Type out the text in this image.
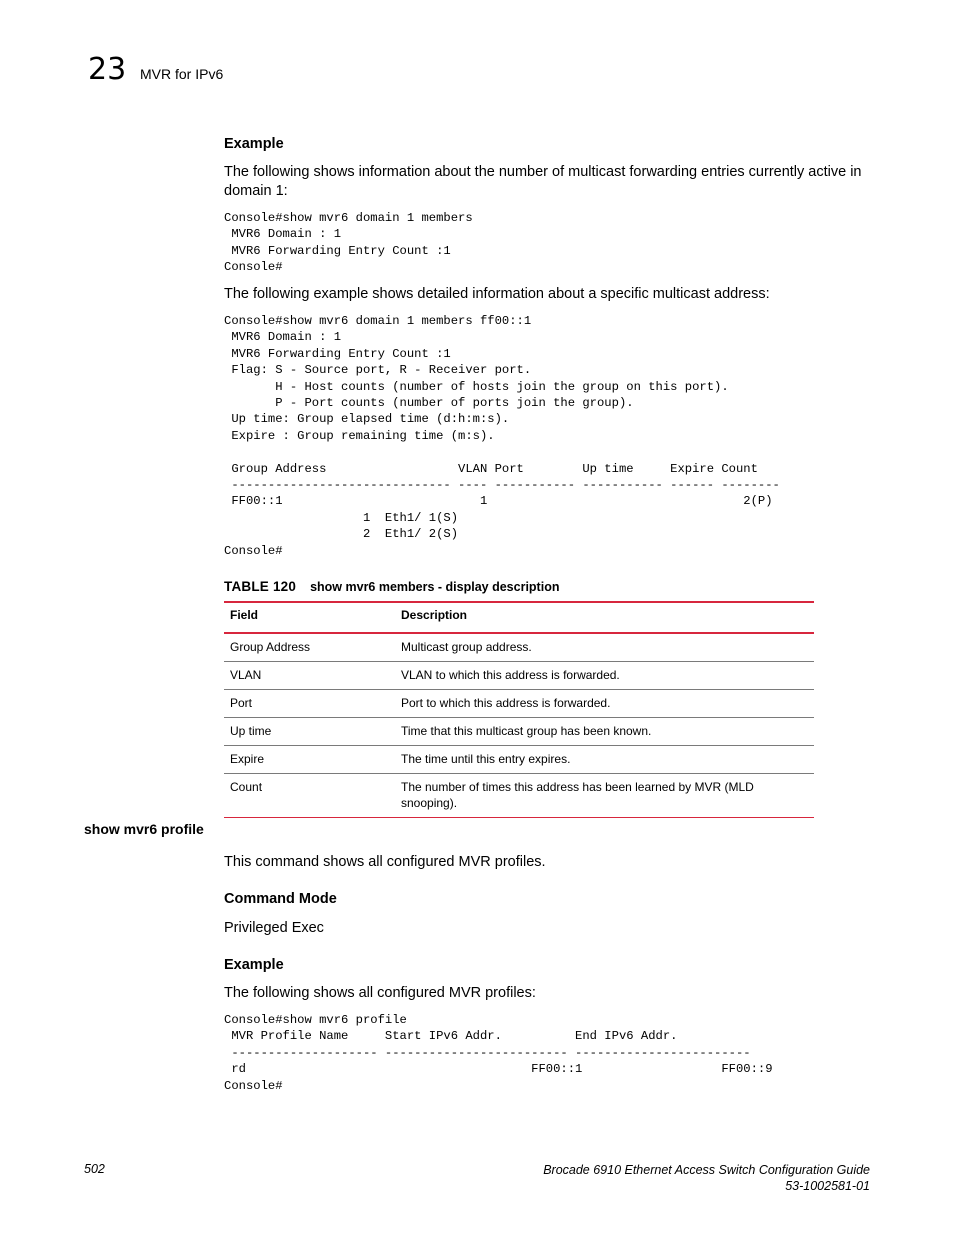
23 MVR for IPv6
Example
The following shows information about the number of multicast forwarding entries currently active in domain 1:
Console#show mvr6 domain 1 members
MVR6 Domain : 1
MVR6 Forwarding Entry Count :1
Console#
The following example shows detailed information about a specific multicast address:
Console#show mvr6 domain 1 members ff00::1
MVR6 Domain : 1
MVR6 Forwarding Entry Count :1
Flag: S - Source port, R - Receiver port.
H - Host counts (number of hosts join the group on this port).
P - Port counts (number of ports join the group).
Up time: Group elapsed time (d:h:m:s).
Expire : Group remaining time (m:s).

Group Address                  VLAN Port        Up time     Expire Count
------------------------------ ---- ----------- ----------- ------ --------
FF00::1                           1                                   2(P)
1  Eth1/ 1(S)
2  Eth1/ 2(S)
Console#
TABLE 120 show mvr6 members - display description
Field	Description
Group Address	Multicast group address.
VLAN	VLAN to which this address is forwarded.
Port	Port to which this address is forwarded.
Up time	Time that this multicast group has been known.
Expire	The time until this entry expires.
Count	The number of times this address has been learned by MVR (MLD snooping).
show mvr6 profile
This command shows all configured MVR profiles.
Command Mode
Privileged Exec
Example
The following shows all configured MVR profiles:
Console#show mvr6 profile
MVR Profile Name     Start IPv6 Addr.          End IPv6 Addr.
-------------------- ------------------------- ------------------------
rd                                       FF00::1                   FF00::9
Console#
502	Brocade 6910 Ethernet Access Switch Configuration Guide
53-1002581-01
